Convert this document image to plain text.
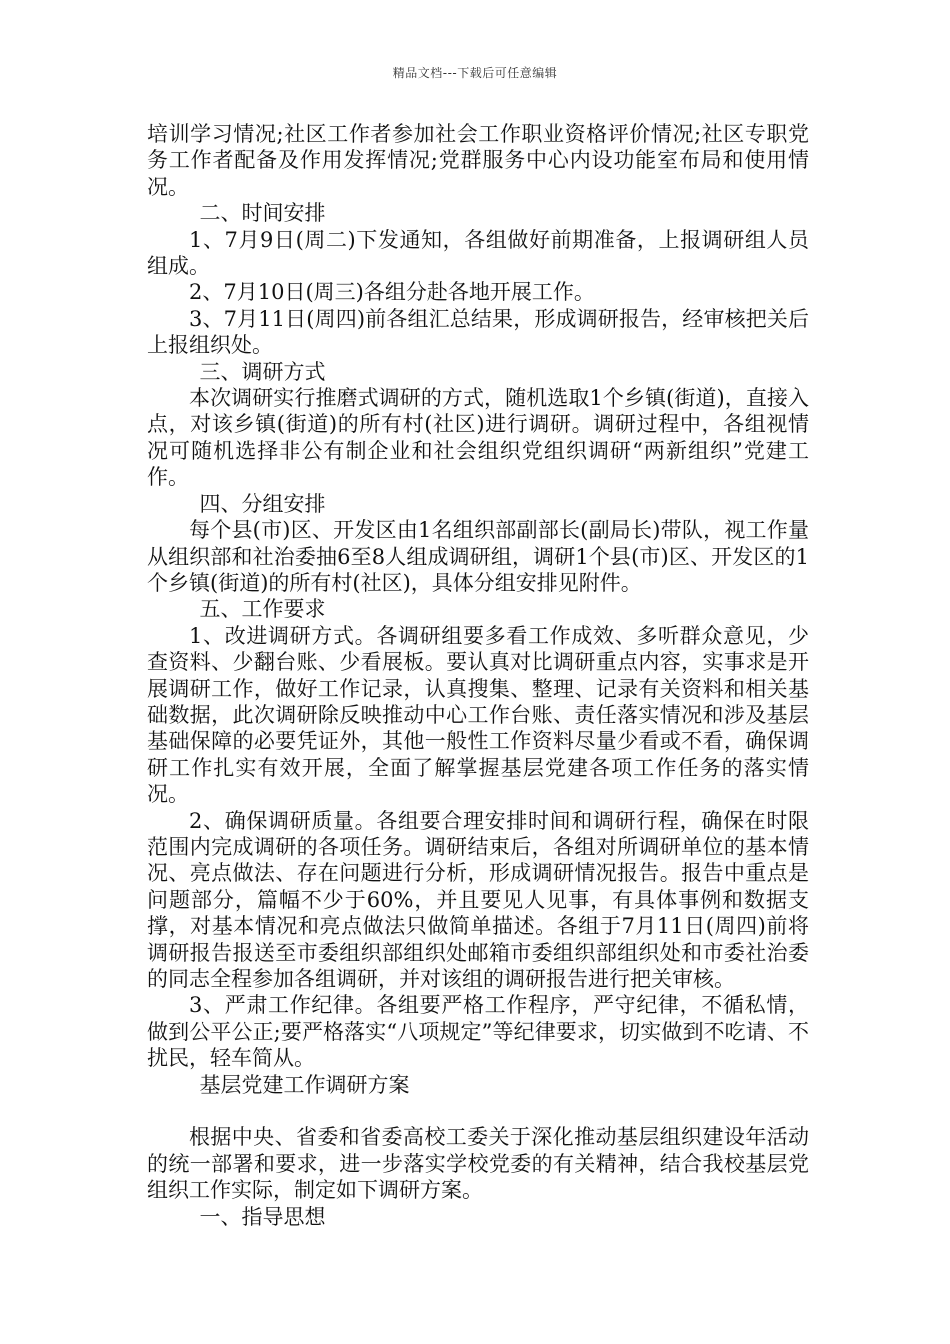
精品文档---下载后可任意编辑

培训学习情况;社区工作者参加社会工作职业资格评价情况;社区专职党务工作者配备及作用发挥情况;党群服务中心内设功能室布局和使用情况。

二、时间安排

1、7月9日(周二)下发通知，各组做好前期准备，上报调研组人员组成。

2、7月10日(周三)各组分赴各地开展工作。

3、7月11日(周四)前各组汇总结果，形成调研报告，经审核把关后上报组织处。

三、调研方式

本次调研实行推磨式调研的方式，随机选取1个乡镇(街道)，直接入点，对该乡镇(街道)的所有村(社区)进行调研。调研过程中，各组视情况可随机选择非公有制企业和社会组织党组织调研“两新组织”党建工作。

四、分组安排

每个县(市)区、开发区由1名组织部副部长(副局长)带队，视工作量从组织部和社治委抽6至8人组成调研组，调研1个县(市)区、开发区的1个乡镇(街道)的所有村(社区)，具体分组安排见附件。

五、工作要求

1、改进调研方式。各调研组要多看工作成效、多听群众意见，少查资料、少翻台账、少看展板。要认真对比调研重点内容，实事求是开展调研工作，做好工作记录，认真搜集、整理、记录有关资料和相关基础数据，此次调研除反映推动中心工作台账、责任落实情况和涉及基层基础保障的必要凭证外，其他一般性工作资料尽量少看或不看，确保调研工作扎实有效开展，全面了解掌握基层党建各项工作任务的落实情况。

2、确保调研质量。各组要合理安排时间和调研行程，确保在时限范围内完成调研的各项任务。调研结束后，各组对所调研单位的基本情况、亮点做法、存在问题进行分析，形成调研情况报告。报告中重点是问题部分，篇幅不少于60%，并且要见人见事，有具体事例和数据支撑，对基本情况和亮点做法只做简单描述。各组于7月11日(周四)前将调研报告报送至市委组织部组织处邮箱市委组织部组织处和市委社治委的同志全程参加各组调研，并对该组的调研报告进行把关审核。

3、严肃工作纪律。各组要严格工作程序，严守纪律，不循私情，做到公平公正;要严格落实“八项规定”等纪律要求，切实做到不吃请、不扰民，轻车简从。

基层党建工作调研方案

根据中央、省委和省委高校工委关于深化推动基层组织建设年活动的统一部署和要求，进一步落实学校党委的有关精神，结合我校基层党组织工作实际，制定如下调研方案。

一、指导思想
